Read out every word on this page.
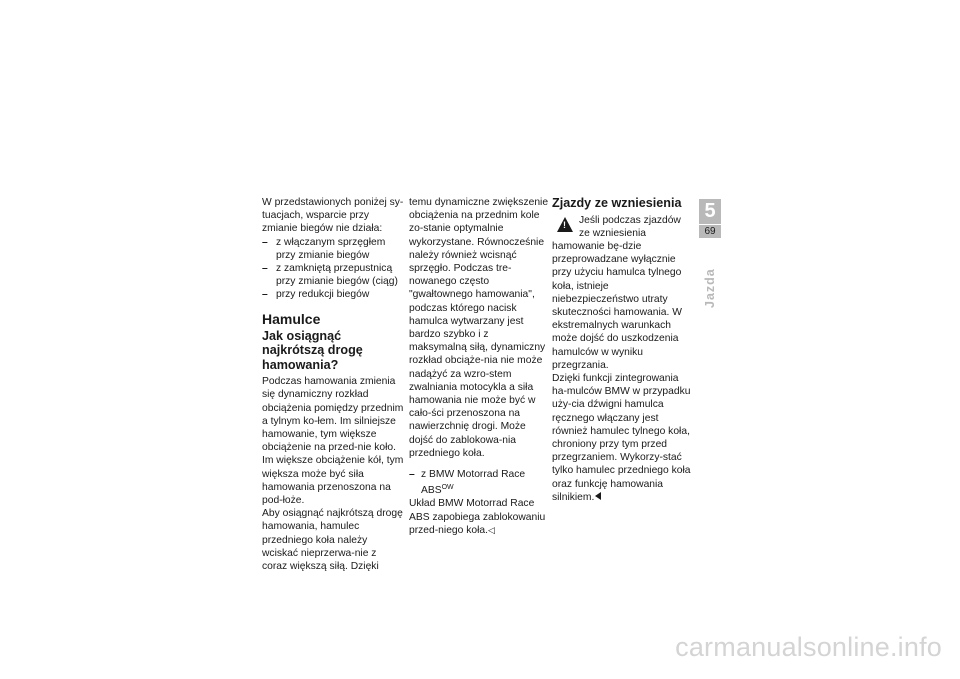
W przedstawionych poniżej sy-tuacjach, wsparcie przy zmianie biegów nie działa:

– z włączanym sprzęgłem przy zmianie biegów
– z zamkniętą przepustnicą przy zmianie biegów (ciąg)
– przy redukcji biegów
Hamulce
Jak osiągnąć najkrótszą drogę hamowania?

Podczas hamowania zmienia się dynamiczny rozkład obciążenia pomiędzy przednim a tylnym ko-łem. Im silniejsze hamowanie, tym większe obciążenie na przed-nie koło. Im większe obciążenie kół, tym większa może być siła hamowania przenoszona na pod-łoże.

Aby osiągnąć najkrótszą drogę hamowania, hamulec przedniego koła należy wciskać nieprzerwa-nie z coraz większą siłą. Dzięki

temu dynamiczne zwiększenie obciążenia na przednim kole zo-stanie optymalnie wykorzystane. Równocześnie należy również wcisnąć sprzęgło. Podczas tre-nowanego często "gwałtownego hamowania", podczas którego nacisk hamulca wytwarzany jest bardzo szybko i z maksymalną siłą, dynamiczny rozkład obciąże-nia nie może nadążyć za wzro-stem zwalniania motocykla a siła hamowania nie może być w cało-ści przenoszona na nawierzchnię drogi. Może dojść do zablokowa-nia przedniego koła.

– z BMW Motorrad Race $ABS^{OW}$

Układ BMW Motorrad Race ABS zapobiega zablokowaniu przed-niego koła.◁

Zjazdy ze wzniesienia
!	Jeśli podczas zjazdów ze wzniesienia hamowanie bę-dzie przeprowadzane wyłącznie przy użyciu hamulca tylnego koła, istnieje niebezpieczeństwo utraty skuteczności hamowania. W ekstremalnych warunkach może dojść do uszkodzenia hamulców w wyniku przegrzania.

Dzięki funkcji zintegrowania ha-mulców BMW w przypadku uży-cia dźwigni hamulca ręcznego włączany jest również hamulec tylnego koła, chroniony przy tym przed przegrzaniem. Wykorzy-stać tylko hamulec przedniego koła oraz funkcję hamowania silnikiem.

5
69
Jazda
carmanualsonline.info
